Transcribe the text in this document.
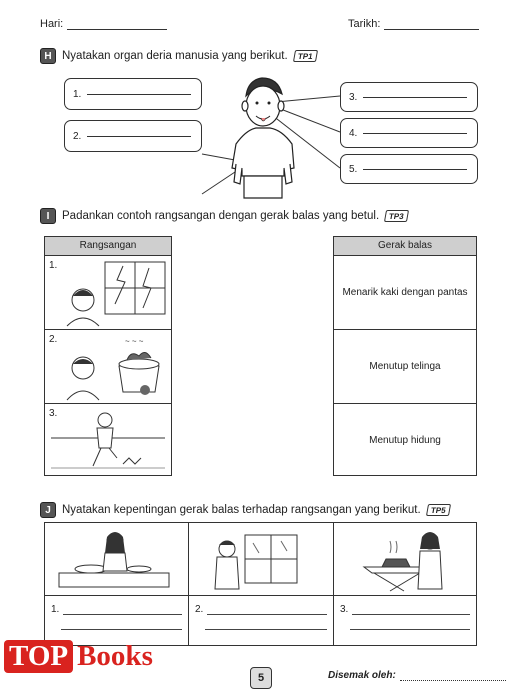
Hari:	Tarikh:
H Nyatakan organ deria manusia yang berikut.	TP1
1.
2.
3.
4.
5.
I	Padankan contoh rangsangan dengan gerak balas yang betul.	TP3
Rangsangan
1.
2.	~ ~ ~
3.
Gerak balas
Menarik kaki dengan pantas
Menutup telinga
Menutup hidung
J Nyatakan kepentingan gerak balas terhadap rangsangan yang berikut.	TP5
1.	2.	3.
5	Disemak oleh:
TOP Books
